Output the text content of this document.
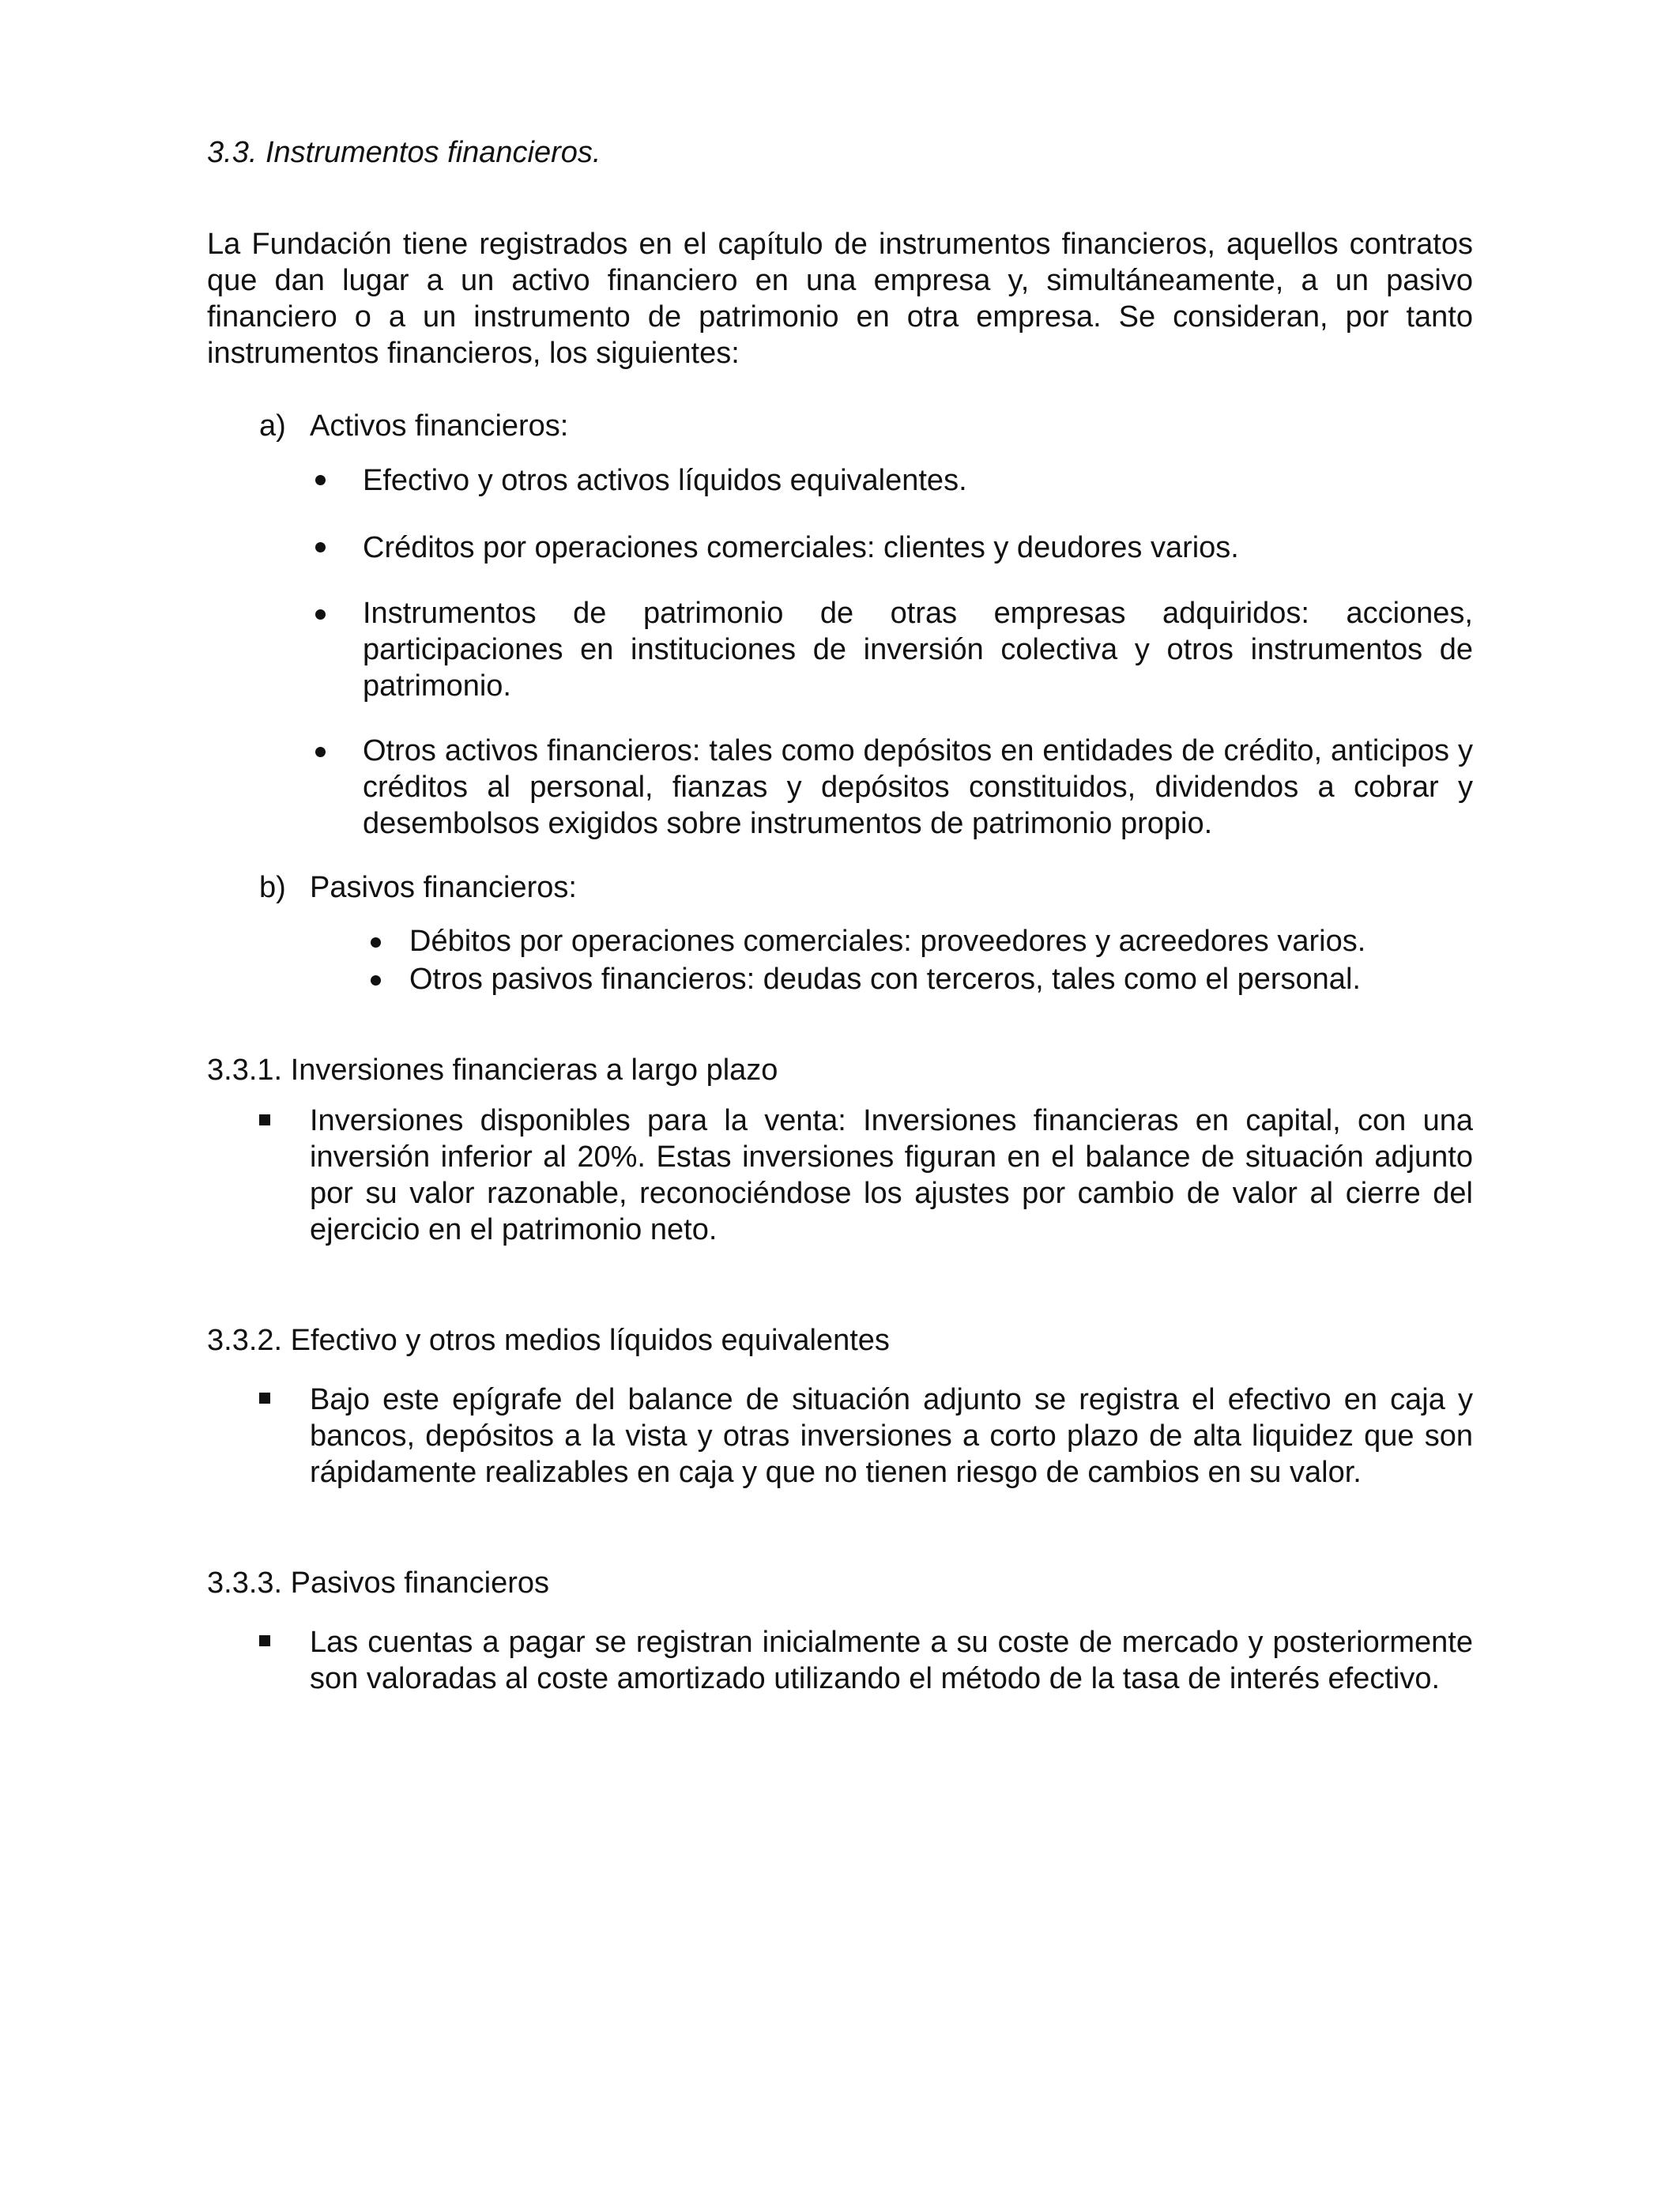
3.3. Instrumentos financieros.
La Fundación tiene registrados en el capítulo de instrumentos financieros, aquellos contratos que dan lugar a un activo financiero en una empresa y, simultáneamente, a un pasivo financiero o a un instrumento de patrimonio en otra empresa. Se consideran, por tanto instrumentos financieros, los siguientes:
a) Activos financieros:
Efectivo y otros activos líquidos equivalentes.
Créditos por operaciones comerciales: clientes y deudores varios.
Instrumentos de patrimonio de otras empresas adquiridos: acciones, participaciones en instituciones de inversión colectiva y otros instrumentos de patrimonio.
Otros activos financieros: tales como depósitos en entidades de crédito, anticipos y créditos al personal, fianzas y depósitos constituidos, dividendos a cobrar y desembolsos exigidos sobre instrumentos de patrimonio propio.
b) Pasivos financieros:
Débitos por operaciones comerciales: proveedores y acreedores varios.
Otros pasivos financieros: deudas con terceros, tales como el personal.
3.3.1. Inversiones financieras a largo plazo
Inversiones disponibles para la venta: Inversiones financieras en capital, con una inversión inferior al 20%. Estas inversiones figuran en el balance de situación adjunto por su valor razonable, reconociéndose los ajustes por cambio de valor al cierre del ejercicio en el patrimonio neto.
3.3.2. Efectivo y otros medios líquidos equivalentes
Bajo este epígrafe del balance de situación adjunto se registra el efectivo en caja y bancos, depósitos a la vista y otras inversiones a corto plazo de alta liquidez que son rápidamente realizables en caja y que no tienen riesgo de cambios en su valor.
3.3.3. Pasivos financieros
Las cuentas a pagar se registran inicialmente a su coste de mercado y posteriormente son valoradas al coste amortizado utilizando el método de la tasa de interés efectivo.
